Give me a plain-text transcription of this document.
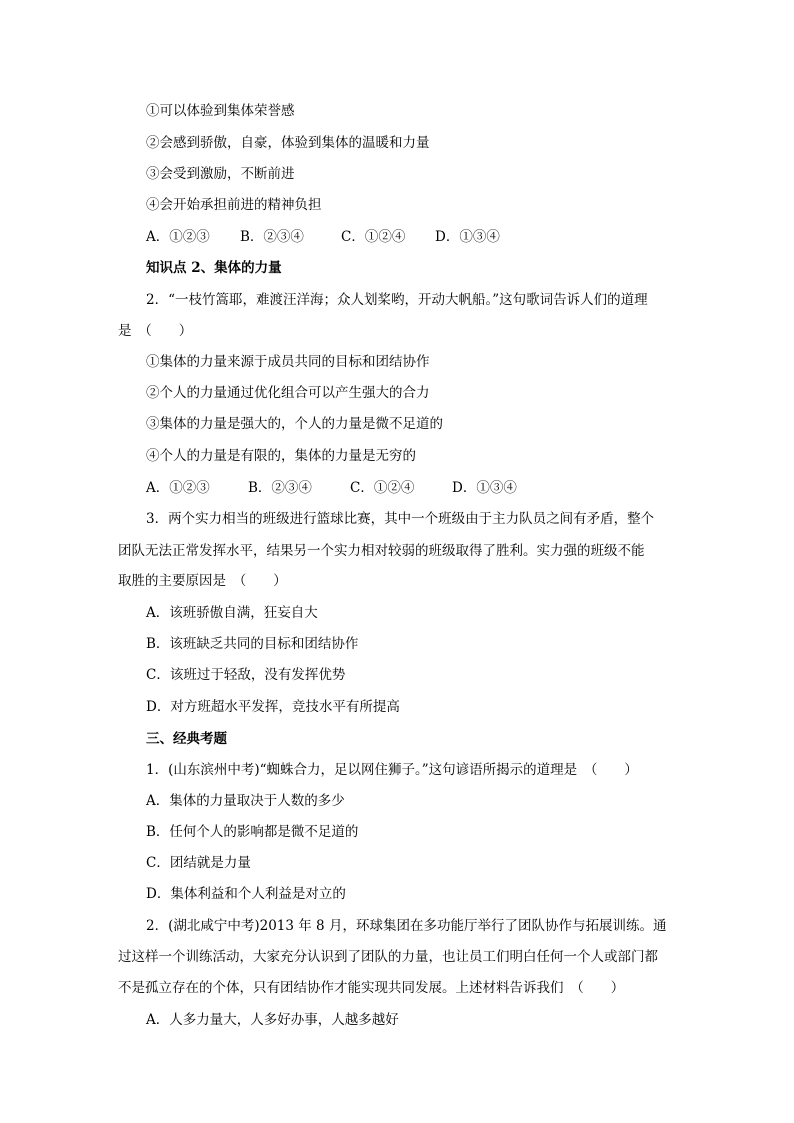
①可以体验到集体荣誉感
②会感到骄傲，自豪，体验到集体的温暖和力量
③会受到激励，不断前进
④会开始承担前进的精神负担
A．①②③ B．②③④	C．①②④ D．①③④
知识点 2、集体的力量
2．“一枝竹篙耶，难渡汪洋海；众人划桨哟，开动大帆船。”这句歌词告诉人们的道理
是　（　　）
①集体的力量来源于成员共同的目标和团结协作
②个人的力量通过优化组合可以产生强大的合力
③集体的力量是强大的，个人的力量是微不足道的
④个人的力量是有限的，集体的力量是无穷的
A．①②③	B．②③④	C．①②④	D．①③④
3．两个实力相当的班级进行篮球比赛，其中一个班级由于主力队员之间有矛盾，整个
团队无法正常发挥水平，结果另一个实力相对较弱的班级取得了胜利。实力强的班级不能
取胜的主要原因是　（　　）
A．该班骄傲自满，狂妄自大
B．该班缺乏共同的目标和团结协作
C．该班过于轻敌，没有发挥优势
D．对方班超水平发挥，竞技水平有所提高
三、经典考题
1．(山东滨州中考)“蜘蛛合力，足以网住狮子。”这句谚语所揭示的道理是　（　　）
A．集体的力量取决于人数的多少
B．任何个人的影响都是微不足道的
C．团结就是力量
D．集体利益和个人利益是对立的
2．(湖北咸宁中考)2013 年 8 月，环球集团在多功能厅举行了团队协作与拓展训练。通
过这样一个训练活动，大家充分认识到了团队的力量，也让员工们明白任何一个人或部门都
不是孤立存在的个体，只有团结协作才能实现共同发展。上述材料告诉我们　（　　）
A．人多力量大，人多好办事，人越多越好
